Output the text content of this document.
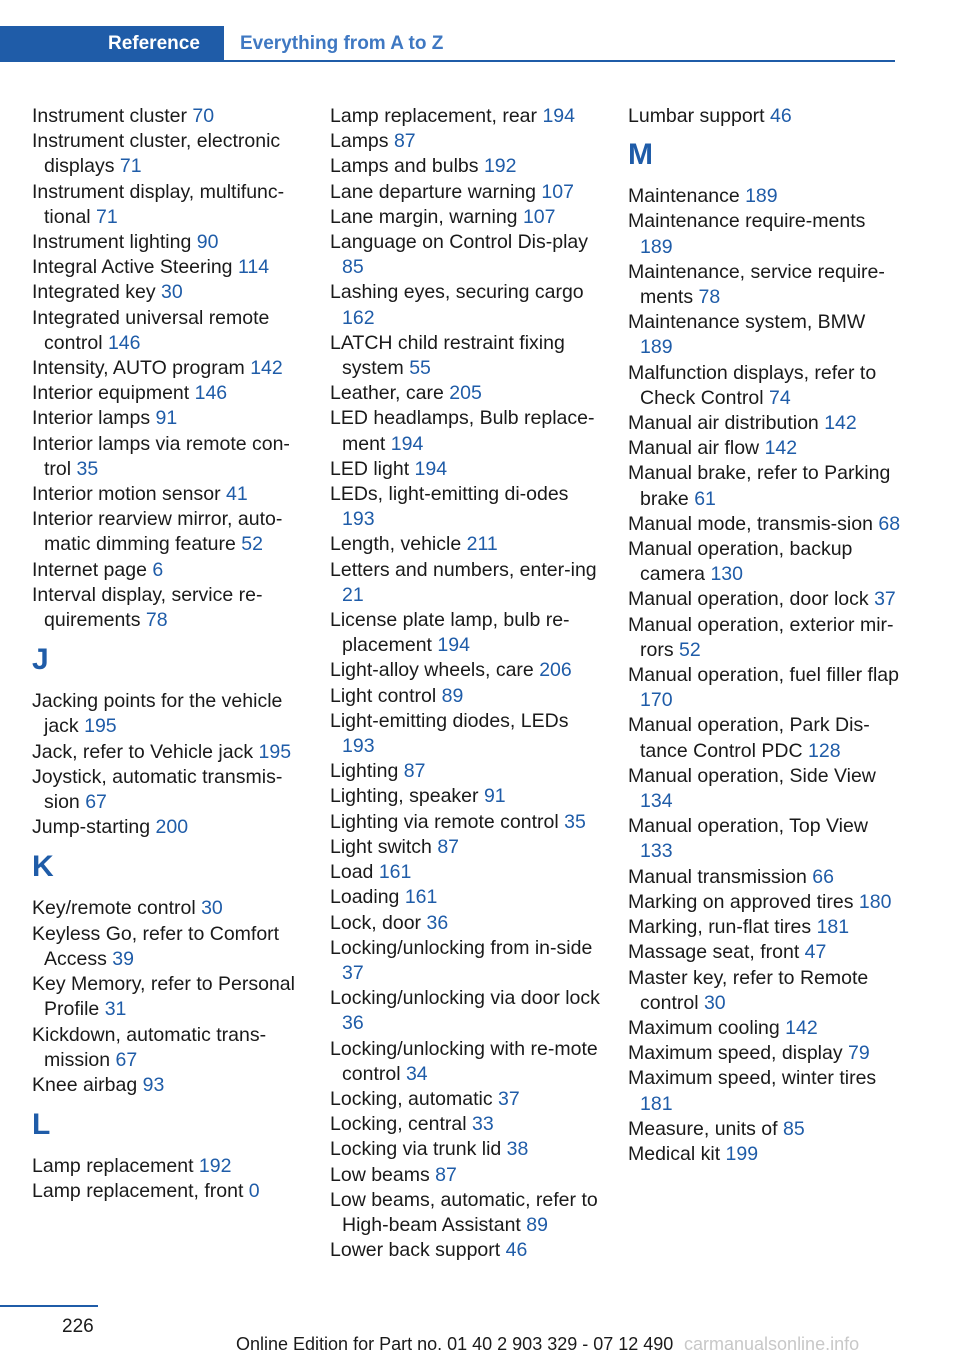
Reference Everything from A to Z
Instrument cluster 70
Instrument cluster, electronic displays 71
Instrument display, multifunc-tional 71
Instrument lighting 90
Integral Active Steering 114
Integrated key 30
Integrated universal remote control 146
Intensity, AUTO program 142
Interior equipment 146
Interior lamps 91
Interior lamps via remote con-trol 35
Interior motion sensor 41
Interior rearview mirror, auto-matic dimming feature 52
Internet page 6
Interval display, service re-quirements 78
J
Jacking points for the vehicle jack 195
Jack, refer to Vehicle jack 195
Joystick, automatic transmis-sion 67
Jump-starting 200
K
Key/remote control 30
Keyless Go, refer to Comfort Access 39
Key Memory, refer to Personal Profile 31
Kickdown, automatic trans-mission 67
Knee airbag 93
L
Lamp replacement 192
Lamp replacement, front 0
Lamp replacement, rear 194
Lamps 87
Lamps and bulbs 192
Lane departure warning 107
Lane margin, warning 107
Language on Control Dis-play 85
Lashing eyes, securing cargo 162
LATCH child restraint fixing system 55
Leather, care 205
LED headlamps, Bulb replace-ment 194
LED light 194
LEDs, light-emitting di-odes 193
Length, vehicle 211
Letters and numbers, enter-ing 21
License plate lamp, bulb re-placement 194
Light-alloy wheels, care 206
Light control 89
Light-emitting diodes, LEDs 193
Lighting 87
Lighting, speaker 91
Lighting via remote control 35
Light switch 87
Load 161
Loading 161
Lock, door 36
Locking/unlocking from in-side 37
Locking/unlocking via door lock 36
Locking/unlocking with re-mote control 34
Locking, automatic 37
Locking, central 33
Locking via trunk lid 38
Low beams 87
Low beams, automatic, refer to High-beam Assistant 89
Lower back support 46
Lumbar support 46
M
Maintenance 189
Maintenance require-ments 189
Maintenance, service require-ments 78
Maintenance system, BMW 189
Malfunction displays, refer to Check Control 74
Manual air distribution 142
Manual air flow 142
Manual brake, refer to Parking brake 61
Manual mode, transmis-sion 68
Manual operation, backup camera 130
Manual operation, door lock 37
Manual operation, exterior mir-rors 52
Manual operation, fuel filler flap 170
Manual operation, Park Dis-tance Control PDC 128
Manual operation, Side View 134
Manual operation, Top View 133
Manual transmission 66
Marking on approved tires 180
Marking, run-flat tires 181
Massage seat, front 47
Master key, refer to Remote control 30
Maximum cooling 142
Maximum speed, display 79
Maximum speed, winter tires 181
Measure, units of 85
Medical kit 199
226
Online Edition for Part no. 01 40 2 903 329 - 07 12 490 carmanualsonline.info
